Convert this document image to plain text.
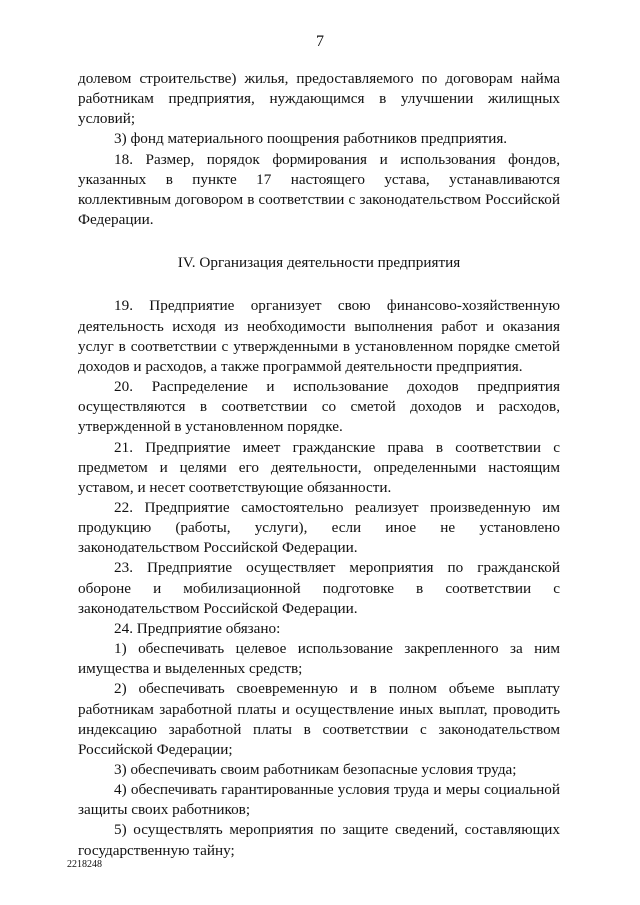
7

долевом строительстве) жилья, предоставляемого по договорам найма работникам предприятия, нуждающимся в улучшении жилищных условий;

3) фонд материального поощрения работников предприятия.

18. Размер, порядок формирования и использования фондов, указанных в пункте 17 настоящего устава, устанавливаются коллективным договором в соответствии с законодательством Российской Федерации.

IV. Организация деятельности предприятия

19. Предприятие организует свою финансово-хозяйственную деятельность исходя из необходимости выполнения работ и оказания услуг в соответствии с утвержденными в установленном порядке сметой доходов и расходов, а также программой деятельности предприятия.

20. Распределение и использование доходов предприятия осуществляются в соответствии со сметой доходов и расходов, утвержденной в установленном порядке.

21. Предприятие имеет гражданские права в соответствии с предметом и целями его деятельности, определенными настоящим уставом, и несет соответствующие обязанности.

22. Предприятие самостоятельно реализует произведенную им продукцию (работы, услуги), если иное не установлено законодательством Российской Федерации.

23. Предприятие осуществляет мероприятия по гражданской обороне и мобилизационной подготовке в соответствии с законодательством Российской Федерации.

24. Предприятие обязано:

1) обеспечивать целевое использование закрепленного за ним имущества и выделенных средств;

2) обеспечивать своевременную и в полном объеме выплату работникам заработной платы и осуществление иных выплат, проводить индексацию заработной платы в соответствии с законодательством Российской Федерации;

3) обеспечивать своим работникам безопасные условия труда;

4) обеспечивать гарантированные условия труда и меры социальной защиты своих работников;

5) осуществлять мероприятия по защите сведений, составляющих государственную тайну;

2218248
